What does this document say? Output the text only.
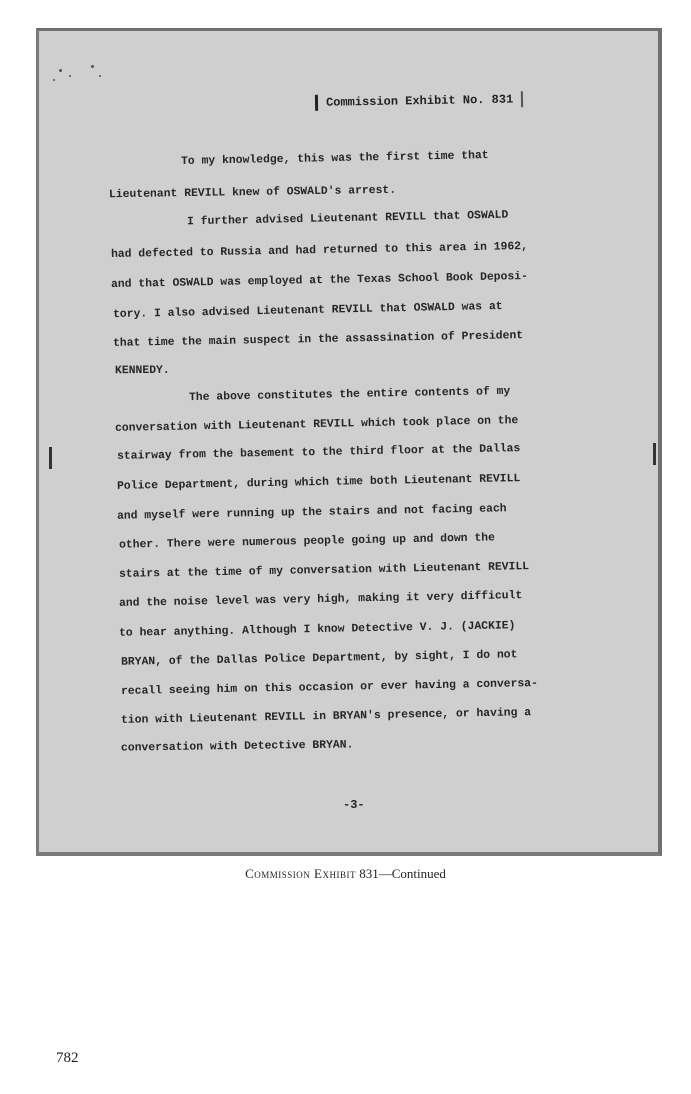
Commission Exhibit No. 831
To my knowledge, this was the first time that
Lieutenant REVILL knew of OSWALD's arrest.
I further advised Lieutenant REVILL that OSWALD
had defected to Russia and had returned to this area in 1962,
and that OSWALD was employed at the Texas School Book Deposi-
tory. I also advised Lieutenant REVILL that OSWALD was at
that time the main suspect in the assassination of President
KENNEDY.
The above constitutes the entire contents of my
conversation with Lieutenant REVILL which took place on the
stairway from the basement to the third floor at the Dallas
Police Department, during which time both Lieutenant REVILL
and myself were running up the stairs and not facing each
other. There were numerous people going up and down the
stairs at the time of my conversation with Lieutenant REVILL
and the noise level was very high, making it very difficult
to hear anything. Although I know Detective V. J. (JACKIE)
BRYAN, of the Dallas Police Department, by sight, I do not
recall seeing him on this occasion or ever having a conversa-
tion with Lieutenant REVILL in BRYAN's presence, or having a
conversation with Detective BRYAN.
-3-
Commission Exhibit 831—Continued
782
